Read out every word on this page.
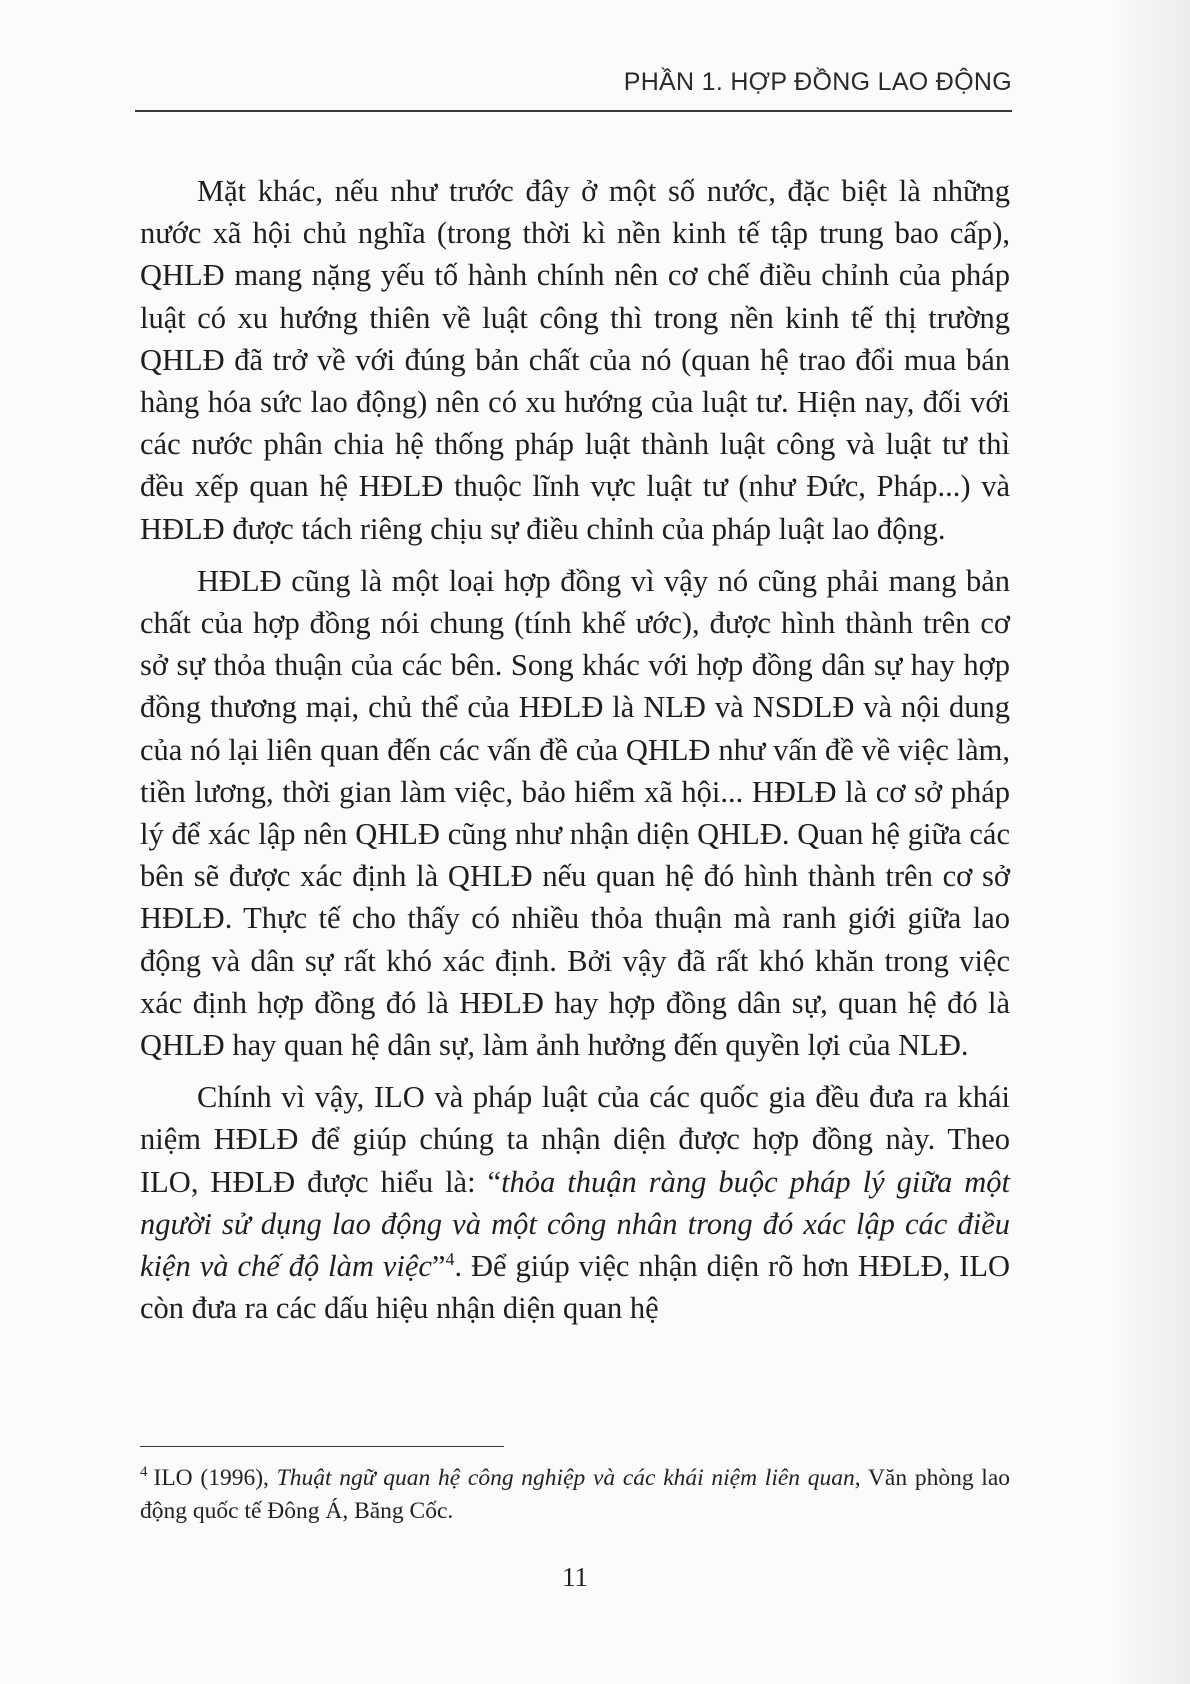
PHẦN 1. HỢP ĐỒNG LAO ĐỘNG

Mặt khác, nếu như trước đây ở một số nước, đặc biệt là những nước xã hội chủ nghĩa (trong thời kì nền kinh tế tập trung bao cấp), QHLĐ mang nặng yếu tố hành chính nên cơ chế điều chỉnh của pháp luật có xu hướng thiên về luật công thì trong nền kinh tế thị trường QHLĐ đã trở về với đúng bản chất của nó (quan hệ trao đổi mua bán hàng hóa sức lao động) nên có xu hướng của luật tư. Hiện nay, đối với các nước phân chia hệ thống pháp luật thành luật công và luật tư thì đều xếp quan hệ HĐLĐ thuộc lĩnh vực luật tư (như Đức, Pháp...) và HĐLĐ được tách riêng chịu sự điều chỉnh của pháp luật lao động.

HĐLĐ cũng là một loại hợp đồng vì vậy nó cũng phải mang bản chất của hợp đồng nói chung (tính khế ước), được hình thành trên cơ sở sự thỏa thuận của các bên. Song khác với hợp đồng dân sự hay hợp đồng thương mại, chủ thể của HĐLĐ là NLĐ và NSDLĐ và nội dung của nó lại liên quan đến các vấn đề của QHLĐ như vấn đề về việc làm, tiền lương, thời gian làm việc, bảo hiểm xã hội... HĐLĐ là cơ sở pháp lý để xác lập nên QHLĐ cũng như nhận diện QHLĐ. Quan hệ giữa các bên sẽ được xác định là QHLĐ nếu quan hệ đó hình thành trên cơ sở HĐLĐ. Thực tế cho thấy có nhiều thỏa thuận mà ranh giới giữa lao động và dân sự rất khó xác định. Bởi vậy đã rất khó khăn trong việc xác định hợp đồng đó là HĐLĐ hay hợp đồng dân sự, quan hệ đó là QHLĐ hay quan hệ dân sự, làm ảnh hưởng đến quyền lợi của NLĐ.

Chính vì vậy, ILO và pháp luật của các quốc gia đều đưa ra khái niệm HĐLĐ để giúp chúng ta nhận diện được hợp đồng này. Theo ILO, HĐLĐ được hiểu là: “thỏa thuận ràng buộc pháp lý giữa một người sử dụng lao động và một công nhân trong đó xác lập các điều kiện và chế độ làm việc”$^4$. Để giúp việc nhận diện rõ hơn HĐLĐ, ILO còn đưa ra các dấu hiệu nhận diện quan hệ

$^4$ ILO (1996), Thuật ngữ quan hệ công nghiệp và các khái niệm liên quan, Văn phòng lao động quốc tế Đông Á, Băng Cốc.
11
